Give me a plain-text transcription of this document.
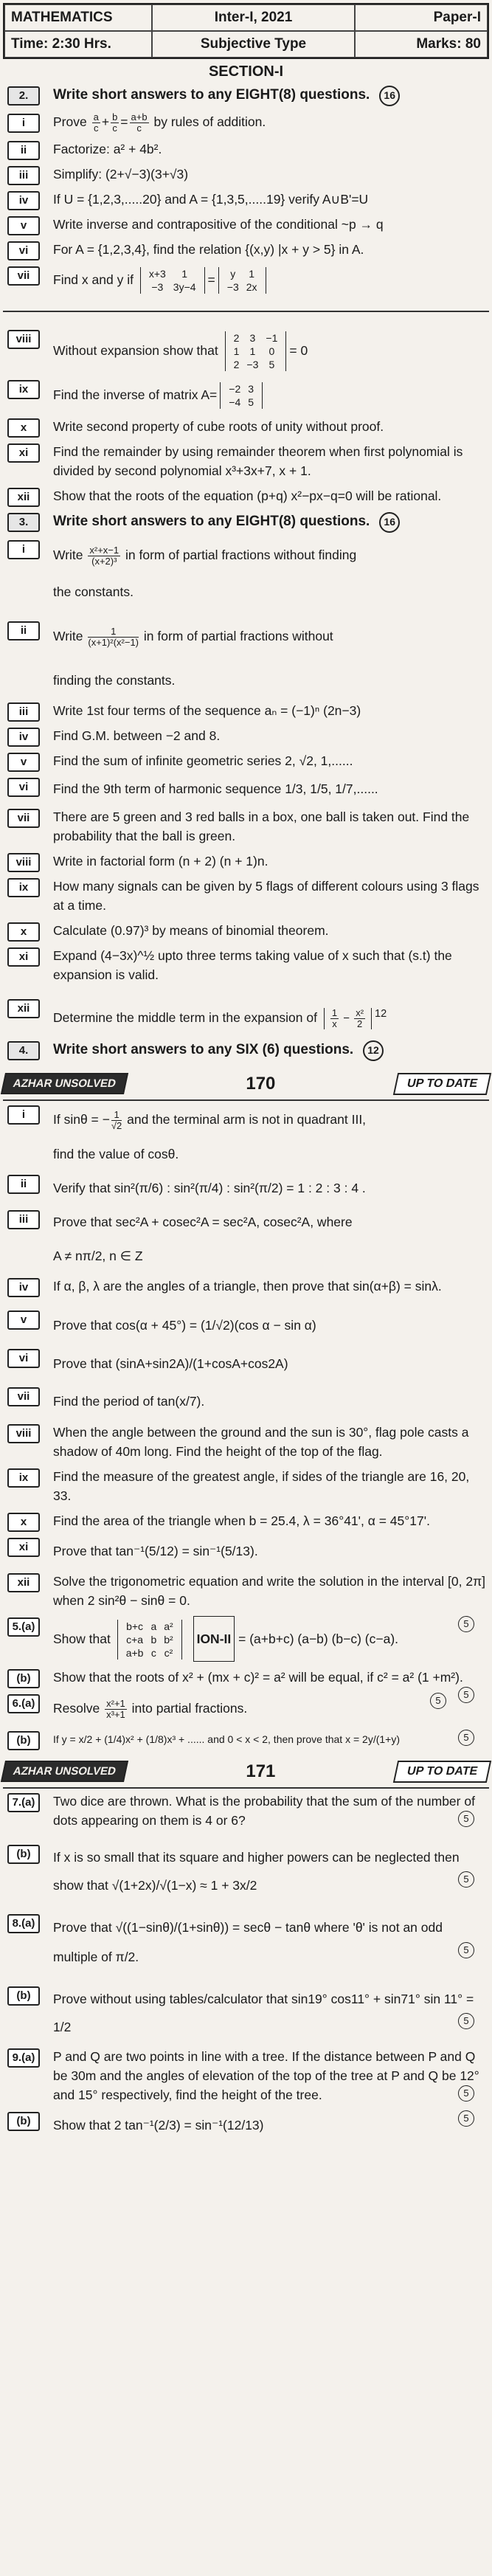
MATHEMATICS	Inter-I, 2021	Paper-I
Time: 2:30 Hrs.	Subjective Type	Marks: 80
SECTION-I
2.	Write short answers to any EIGHT(8) questions. 16
i	Prove $\frac{a}{c} + \frac{b}{c} = \frac{a+b}{c}$ by rules of addition.
ii	Factorize: a² + 4b².
iii	Simplify: (2+√−3)(3+√3)
iv	If U = {1,2,3,.....20} and A = {1,3,5,.....19} verify A∪B'=U
v	Write inverse and contrapositive of the conditional ~p → q
vi	For A = {1,2,3,4}, find the relation {(x,y) |x + y > 5} in A.
vii	Find x and y if x+3	1
−3	3y−4
= y	1
−3	2x
viii
Without expansion show that
2	3	−1
1	1	0
2	−3	5
= 0
ix	Find the inverse of matrix A= −2	3
−4	5
x	Write second property of cube roots of unity without proof.
xi	Find the remainder by using remainder theorem when first polynomial is divided by second polynomial x³+3x+7, x + 1.
xii	Show that the roots of the equation (p+q) x²−px−q=0 will be rational.
3.	Write short answers to any EIGHT(8) questions. 16
i	Write $\frac{\text{x²+x−1}}{\text{(x+2)³}}$ in form of partial fractions without finding
the constants.
ii	Write $\frac{1}{\text{(x+1)²(x²−1)}}$ in form of partial fractions without
finding the constants.
iii	Write 1st four terms of the sequence aₙ = (−1)ⁿ (2n−3)
iv	Find G.M. between −2 and 8.
v	Find the sum of infinite geometric series 2, √2, 1,......
vi	Find the 9th term of harmonic sequence 1/3, 1/5, 1/7,......
vii	There are 5 green and 3 red balls in a box, one ball is taken out. Find the probability that the ball is green.
viii	Write in factorial form (n + 2) (n + 1)n.
ix	How many signals can be given by 5 flags of different colours using 3 flags at a time.
x	Calculate (0.97)³ by means of binomial theorem.
xi	Expand (4−3x)^½ upto three terms taking value of x such that (s.t) the expansion is valid.
xii
Determine the middle term in the expansion of $\frac{1}{x} - \frac{\text{x²}}{2} ^{12}$
4.	Write short answers to any SIX (6) questions. 12
AZHAR UNSOLVED	170	UP TO DATE
i	If sinθ = − $\frac{1}{√2}$ and the terminal arm is not in quadrant III,
find the value of cosθ.
ii	Verify that sin²(π/6) : sin²(π/4) : sin²(π/2) = 1 : 2 : 3 : 4 .
iii	Prove that sec²A + cosec²A = sec²A, cosec²A, where
A ≠ nπ/2, n ∈ Z
iv	If α, β, λ are the angles of a triangle, then prove that sin(α+β) = sinλ.
v	Prove that cos(α + 45°) = (1/√2)(cos α − sin α)
vi	Prove that (sinA+sin2A)/(1+cosA+cos2A)
vii	Find the period of tan(x/7).
viii	When the angle between the ground and the sun is 30°, flag pole casts a shadow of 40m long. Find the height of the top of the flag.
ix	Find the measure of the greatest angle, if sides of the triangle are 16, 20, 33.
x	Find the area of the triangle when b = 25.4, λ = 36°41', α = 45°17'.
xi	Prove that tan⁻¹(5/12) = sin⁻¹(5/13).
xii	Solve the trigonometric equation and write the solution in the interval [0, 2π] when 2 sin²θ − sinθ = 0.
5.(a)
Show that
b+c	a	a²
c+a	b	b²
a+b	c	c²
ION-II = (a+b+c) (a−b) (b−c) (c−a).
5
(b)	Show that the roots of x² + (mx + c)² = a² will be equal, if c² = a² (1 +m²).
5
6.(a)	Resolve $\frac{\text{x²+1}}{\text{x³+1}}$ into partial fractions.
5
(b)	If y = x/2 + (1/4)x² + (1/8)x³ + ...... and 0 < x < 2, then prove that x = 2y/(1+y)	5
AZHAR UNSOLVED	171	UP TO DATE
7.(a)	Two dice are thrown. What is the probability that the sum of the number of dots appearing on them is 4 or 6?	5
(b)	If x is so small that its square and higher powers can be neglected then show that √(1+2x)/√(1−x) ≈ 1 + 3x/2	5
8.(a)	Prove that √((1−sinθ)/(1+sinθ)) = secθ − tanθ where 'θ' is not an odd multiple of π/2.	5
(b)	Prove without using tables/calculator that sin19° cos11° + sin71° sin 11° = 1/2	5
9.(a)	P and Q are two points in line with a tree. If the distance between P and Q be 30m and the angles of elevation of the top of the tree at P and Q be 12° and 15° respectively, find the height of the tree.	5
(b)	Show that 2 tan⁻¹(2/3) = sin⁻¹(12/13)	5
